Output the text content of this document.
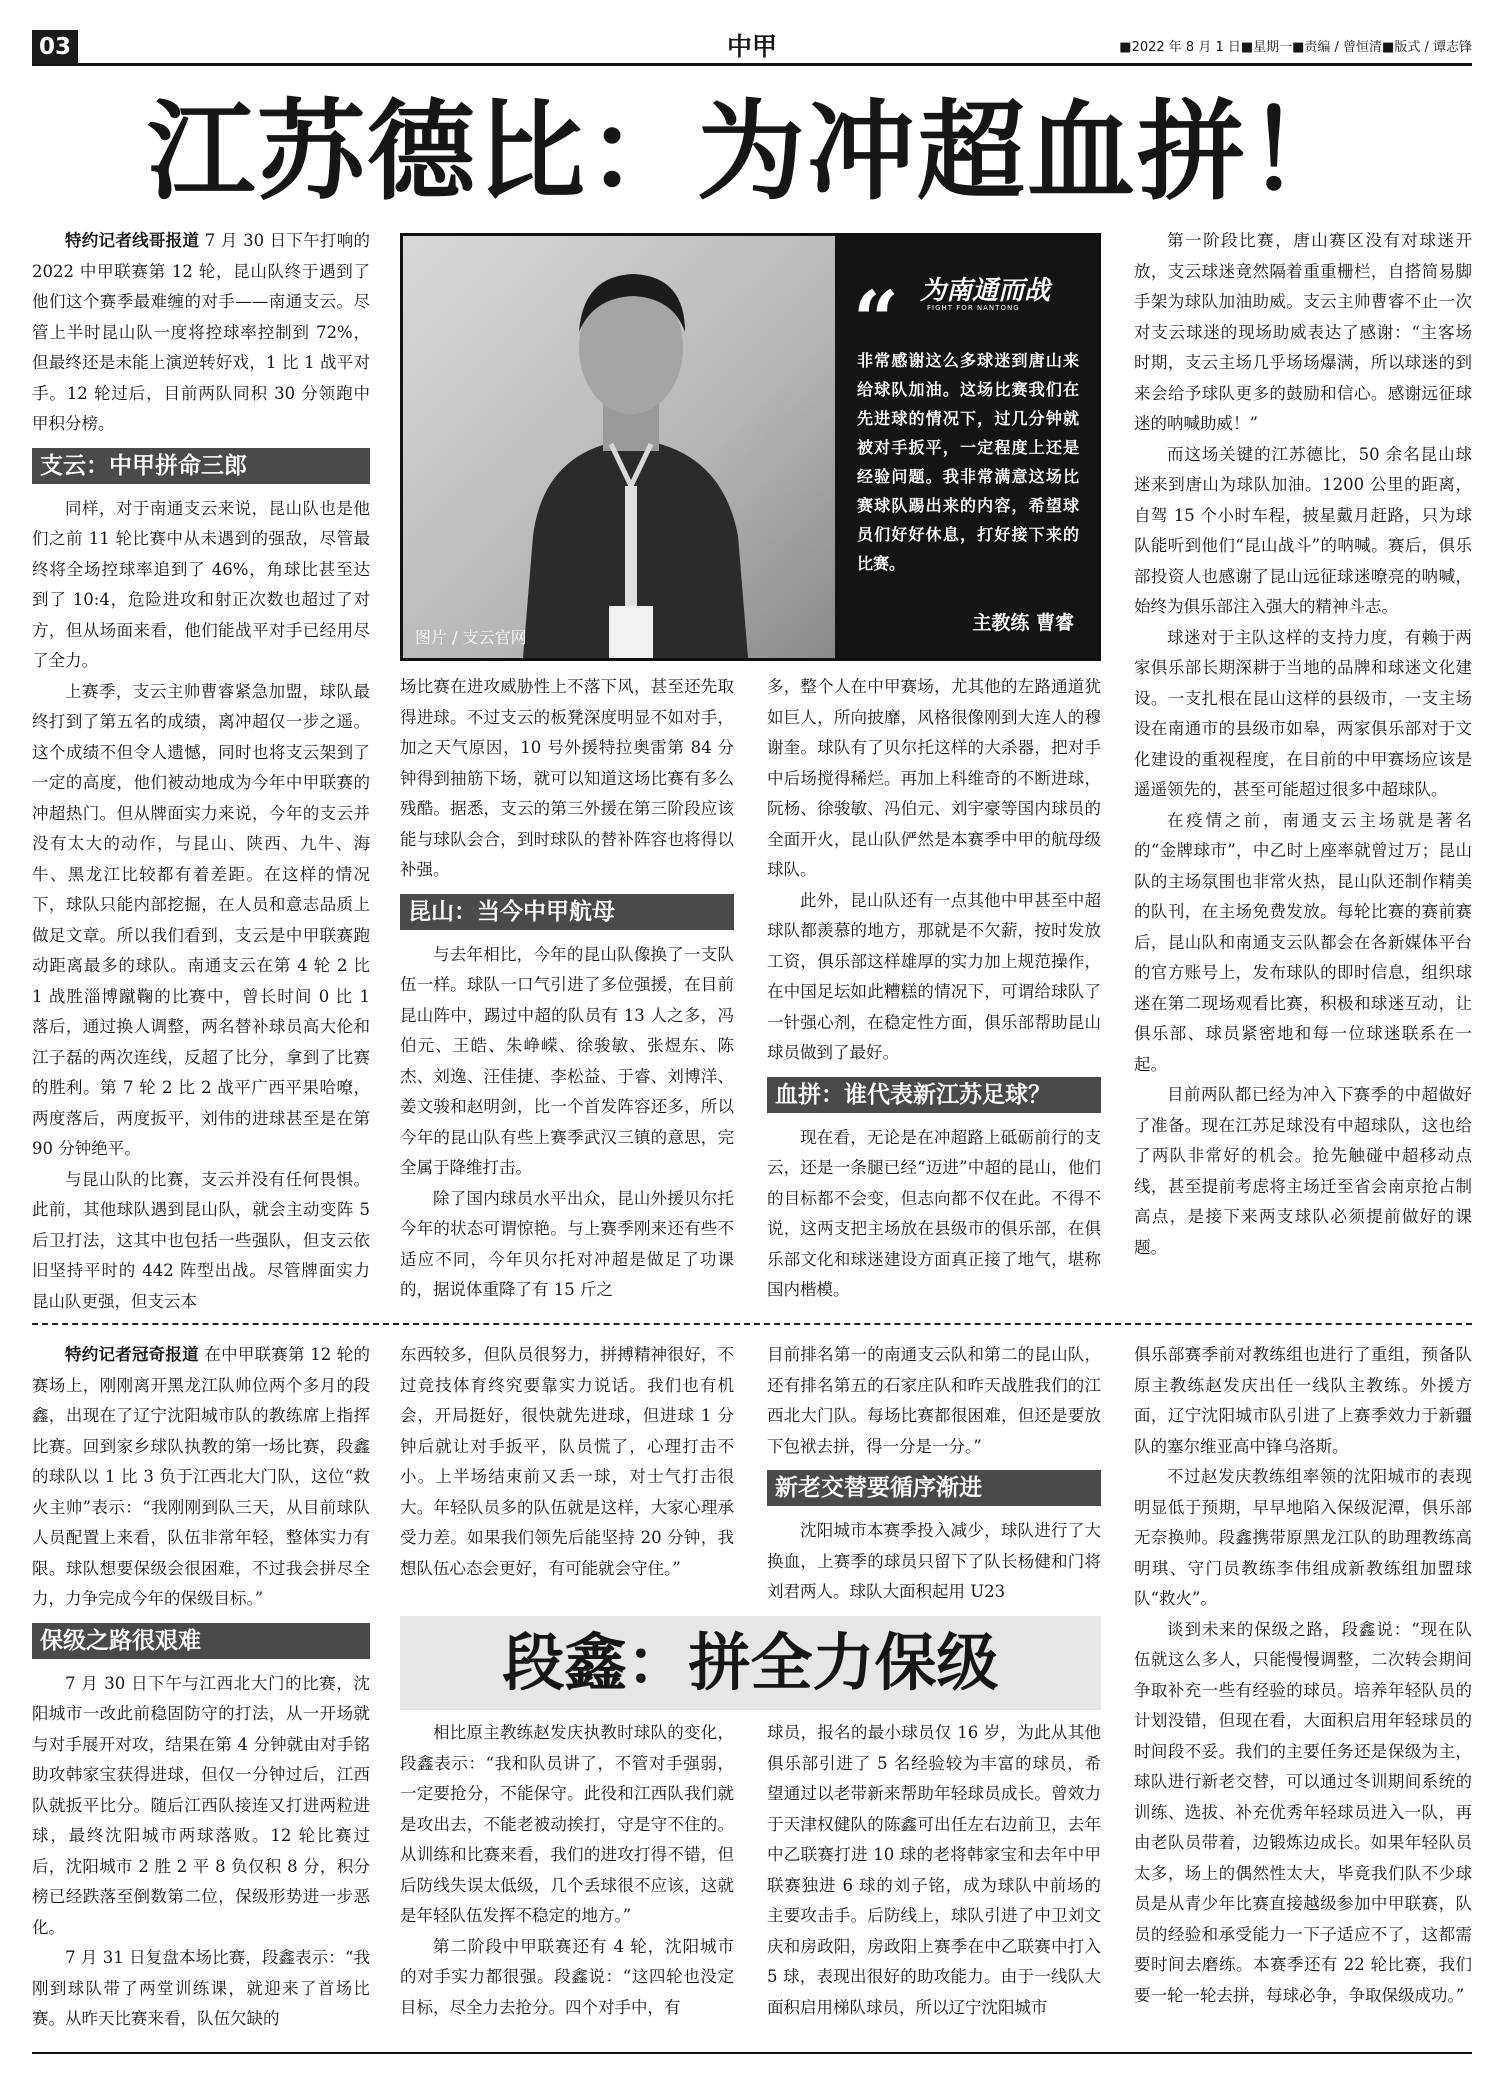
03	中甲	■2022 年 8 月 1 日■星期一■责编 / 曾恒清■版式 / 谭志锋
江苏德比：为冲超血拼！

特约记者线哥报道 7 月 30 日下午打响的 2022 中甲联赛第 12 轮，昆山队终于遇到了他们这个赛季最难缠的对手——南通支云。尽管上半时昆山队一度将控球率控制到 72%，但最终还是未能上演逆转好戏，1 比 1 战平对手。12 轮过后，目前两队同积 30 分领跑中甲积分榜。

支云：中甲拼命三郎

同样，对于南通支云来说，昆山队也是他们之前 11 轮比赛中从未遇到的强敌，尽管最终将全场控球率追到了 46%，角球比甚至达到了 10:4，危险进攻和射正次数也超过了对方，但从场面来看，他们能战平对手已经用尽了全力。

上赛季，支云主帅曹睿紧急加盟，球队最终打到了第五名的成绩，离冲超仅一步之遥。这个成绩不但令人遗憾，同时也将支云架到了一定的高度，他们被动地成为今年中甲联赛的冲超热门。但从牌面实力来说，今年的支云并没有太大的动作，与昆山、陕西、九牛、海牛、黑龙江比较都有着差距。在这样的情况下，球队只能内部挖掘，在人员和意志品质上做足文章。所以我们看到，支云是中甲联赛跑动距离最多的球队。南通支云在第 4 轮 2 比 1 战胜淄博蹴鞠的比赛中，曾长时间 0 比 1 落后，通过换人调整，两名替补球员高大伦和江子磊的两次连线，反超了比分，拿到了比赛的胜利。第 7 轮 2 比 2 战平广西平果哈嘹，两度落后，两度扳平，刘伟的进球甚至是在第 90 分钟绝平。

与昆山队的比赛，支云并没有任何畏惧。此前，其他球队遇到昆山队，就会主动变阵 5 后卫打法，这其中也包括一些强队，但支云依旧坚持平时的 442 阵型出战。尽管牌面实力昆山队更强，但支云本

图片 / 支云官网
为南通而战
FIGHT FOR NANTONG
“
非常感谢这么多球迷到唐山来给球队加油。这场比赛我们在先进球的情况下，过几分钟就被对手扳平，一定程度上还是经验问题。我非常满意这场比赛球队踢出来的内容，希望球员们好好休息，打好接下来的比赛。
主教练 曹睿

场比赛在进攻威胁性上不落下风，甚至还先取得进球。不过支云的板凳深度明显不如对手，加之天气原因，10 号外援特拉奥雷第 84 分钟得到抽筋下场，就可以知道这场比赛有多么残酷。据悉，支云的第三外援在第三阶段应该能与球队会合，到时球队的替补阵容也将得以补强。

昆山：当今中甲航母

与去年相比，今年的昆山队像换了一支队伍一样。球队一口气引进了多位强援，在目前昆山阵中，踢过中超的队员有 13 人之多，冯伯元、王皓、朱峥嵘、徐骏敏、张煜东、陈杰、刘逸、汪佳捷、李松益、于睿、刘博洋、姜文骏和赵明剑，比一个首发阵容还多，所以今年的昆山队有些上赛季武汉三镇的意思，完全属于降维打击。

除了国内球员水平出众，昆山外援贝尔托今年的状态可谓惊艳。与上赛季刚来还有些不适应不同，今年贝尔托对冲超是做足了功课的，据说体重降了有 15 斤之

多，整个人在中甲赛场，尤其他的左路通道犹如巨人，所向披靡，风格很像刚到大连人的穆谢奎。球队有了贝尔托这样的大杀器，把对手中后场搅得稀烂。再加上科维奇的不断进球，阮杨、徐骏敏、冯伯元、刘宇豪等国内球员的全面开火，昆山队俨然是本赛季中甲的航母级球队。

此外，昆山队还有一点其他中甲甚至中超球队都羡慕的地方，那就是不欠薪，按时发放工资，俱乐部这样雄厚的实力加上规范操作，在中国足坛如此糟糕的情况下，可谓给球队了一针强心剂，在稳定性方面，俱乐部帮助昆山球员做到了最好。

血拼：谁代表新江苏足球？

现在看，无论是在冲超路上砥砺前行的支云，还是一条腿已经“迈进”中超的昆山，他们的目标都不会变，但志向都不仅在此。不得不说，这两支把主场放在县级市的俱乐部，在俱乐部文化和球迷建设方面真正接了地气，堪称国内楷模。

第一阶段比赛，唐山赛区没有对球迷开放，支云球迷竟然隔着重重栅栏，自搭简易脚手架为球队加油助威。支云主帅曹睿不止一次对支云球迷的现场助威表达了感谢：“主客场时期，支云主场几乎场场爆满，所以球迷的到来会给予球队更多的鼓励和信心。感谢远征球迷的呐喊助威！”

而这场关键的江苏德比，50 余名昆山球迷来到唐山为球队加油。1200 公里的距离，自驾 15 个小时车程，披星戴月赶路，只为球队能听到他们“昆山战斗”的呐喊。赛后，俱乐部投资人也感谢了昆山远征球迷嘹亮的呐喊，始终为俱乐部注入强大的精神斗志。

球迷对于主队这样的支持力度，有赖于两家俱乐部长期深耕于当地的品牌和球迷文化建设。一支扎根在昆山这样的县级市，一支主场设在南通市的县级市如皋，两家俱乐部对于文化建设的重视程度，在目前的中甲赛场应该是遥遥领先的，甚至可能超过很多中超球队。

在疫情之前，南通支云主场就是著名的“金牌球市”，中乙时上座率就曾过万；昆山队的主场氛围也非常火热，昆山队还制作精美的队刊，在主场免费发放。每轮比赛的赛前赛后，昆山队和南通支云队都会在各新媒体平台的官方账号上，发布球队的即时信息，组织球迷在第二现场观看比赛，积极和球迷互动，让俱乐部、球员紧密地和每一位球迷联系在一起。

目前两队都已经为冲入下赛季的中超做好了准备。现在江苏足球没有中超球队，这也给了两队非常好的机会。抢先触碰中超移动点线，甚至提前考虑将主场迁至省会南京抢占制高点，是接下来两支球队必须提前做好的课题。

特约记者冠奇报道 在中甲联赛第 12 轮的赛场上，刚刚离开黑龙江队帅位两个多月的段鑫，出现在了辽宁沈阳城市队的教练席上指挥比赛。回到家乡球队执教的第一场比赛，段鑫的球队以 1 比 3 负于江西北大门队，这位“救火主帅”表示：“我刚刚到队三天，从目前球队人员配置上来看，队伍非常年轻，整体实力有限。球队想要保级会很困难，不过我会拼尽全力，力争完成今年的保级目标。”

保级之路很艰难

7 月 30 日下午与江西北大门的比赛，沈阳城市一改此前稳固防守的打法，从一开场就与对手展开对攻，结果在第 4 分钟就由对手铭助攻韩家宝获得进球，但仅一分钟过后，江西队就扳平比分。随后江西队接连又打进两粒进球，最终沈阳城市两球落败。12 轮比赛过后，沈阳城市 2 胜 2 平 8 负仅积 8 分，积分榜已经跌落至倒数第二位，保级形势进一步恶化。

7 月 31 日复盘本场比赛，段鑫表示：“我刚到球队带了两堂训练课，就迎来了首场比赛。从昨天比赛来看，队伍欠缺的

东西较多，但队员很努力，拼搏精神很好，不过竞技体育终究要靠实力说话。我们也有机会，开局挺好，很快就先进球，但进球 1 分钟后就让对手扳平，队员慌了，心理打击不小。上半场结束前又丢一球，对士气打击很大。年轻队员多的队伍就是这样，大家心理承受力差。如果我们领先后能坚持 20 分钟，我想队伍心态会更好，有可能就会守住。”

目前排名第一的南通支云队和第二的昆山队，还有排名第五的石家庄队和昨天战胜我们的江西北大门队。每场比赛都很困难，但还是要放下包袱去拼，得一分是一分。”

新老交替要循序渐进

沈阳城市本赛季投入减少，球队进行了大换血，上赛季的球员只留下了队长杨健和门将刘君两人。球队大面积起用 U23

段鑫：拼全力保级

相比原主教练赵发庆执教时球队的变化，段鑫表示：“我和队员讲了，不管对手强弱，一定要抢分，不能保守。此役和江西队我们就是攻出去，不能老被动挨打，守是守不住的。从训练和比赛来看，我们的进攻打得不错，但后防线失误太低级，几个丢球很不应该，这就是年轻队伍发挥不稳定的地方。”

第二阶段中甲联赛还有 4 轮，沈阳城市的对手实力都很强。段鑫说：“这四轮也没定目标，尽全力去抢分。四个对手中，有

球员，报名的最小球员仅 16 岁，为此从其他俱乐部引进了 5 名经验较为丰富的球员，希望通过以老带新来帮助年轻球员成长。曾效力于天津权健队的陈鑫可出任左右边前卫，去年中乙联赛打进 10 球的老将韩家宝和去年中甲联赛独进 6 球的刘子铭，成为球队中前场的主要攻击手。后防线上，球队引进了中卫刘文庆和房政阳，房政阳上赛季在中乙联赛中打入 5 球，表现出很好的助攻能力。由于一线队大面积启用梯队球员，所以辽宁沈阳城市

俱乐部赛季前对教练组也进行了重组，预备队原主教练赵发庆出任一线队主教练。外援方面，辽宁沈阳城市队引进了上赛季效力于新疆队的塞尔维亚高中锋乌洛斯。

不过赵发庆教练组率领的沈阳城市的表现明显低于预期，早早地陷入保级泥潭，俱乐部无奈换帅。段鑫携带原黑龙江队的助理教练高明琪、守门员教练李伟组成新教练组加盟球队“救火”。

谈到未来的保级之路，段鑫说：“现在队伍就这么多人，只能慢慢调整，二次转会期间争取补充一些有经验的球员。培养年轻队员的计划没错，但现在看，大面积启用年轻球员的时间段不妥。我们的主要任务还是保级为主，球队进行新老交替，可以通过冬训期间系统的训练、选拔、补充优秀年轻球员进入一队，再由老队员带着，边锻炼边成长。如果年轻队员太多，场上的偶然性太大，毕竟我们队不少球员是从青少年比赛直接越级参加中甲联赛，队员的经验和承受能力一下子适应不了，这都需要时间去磨练。本赛季还有 22 轮比赛，我们要一轮一轮去拼，每球必争，争取保级成功。”
